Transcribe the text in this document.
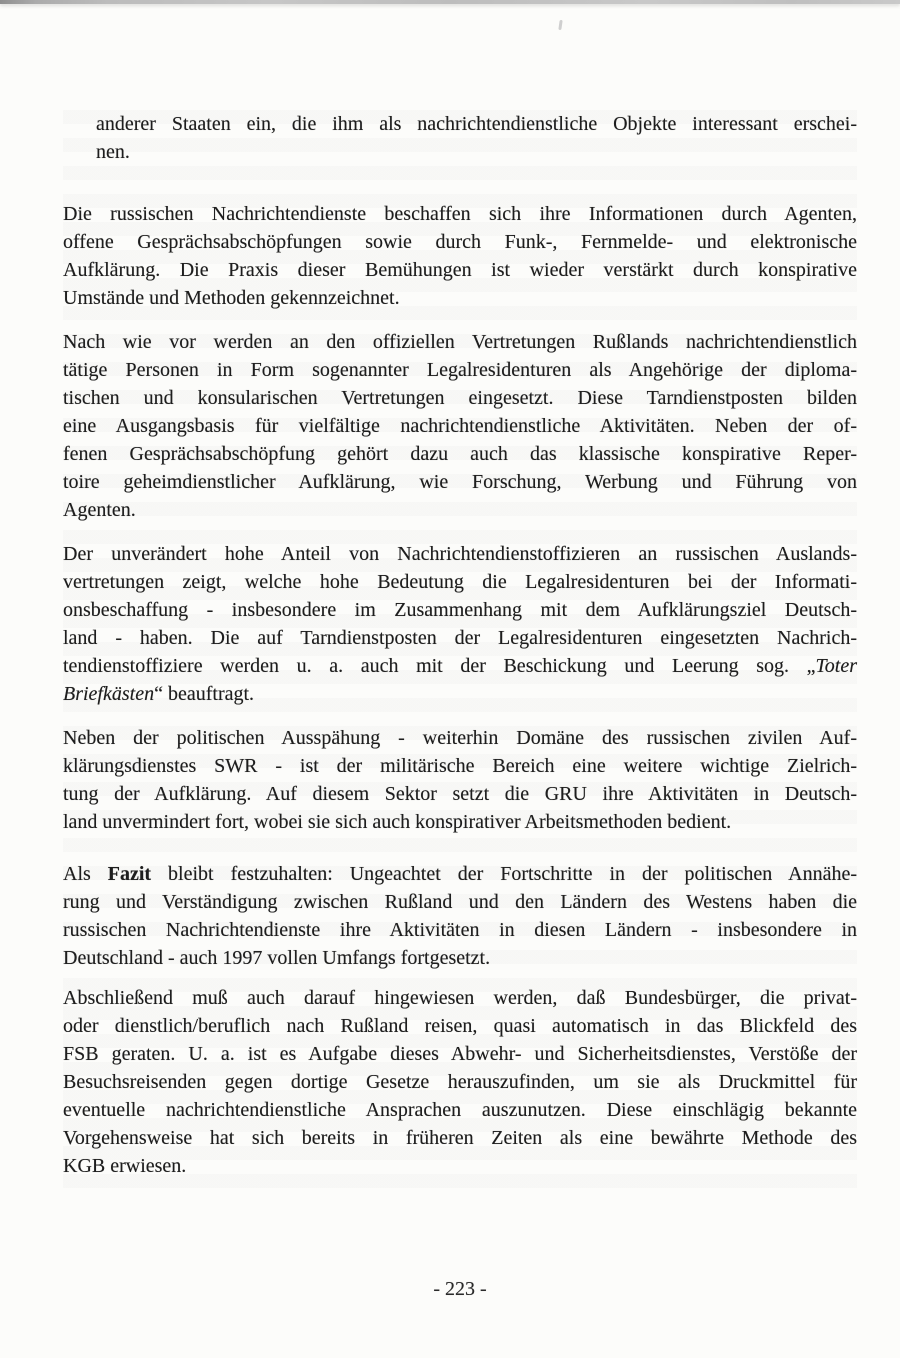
anderer Staaten ein, die ihm als nachrichtendienstliche Objekte interessant erschei-
nen.
Die russischen Nachrichtendienste beschaffen sich ihre Informationen durch Agenten,
offene Gesprächsabschöpfungen sowie durch Funk-, Fernmelde- und elektronische
Aufklärung. Die Praxis dieser Bemühungen ist wieder verstärkt durch konspirative
Umstände und Methoden gekennzeichnet.
Nach wie vor werden an den offiziellen Vertretungen Rußlands nachrichtendienstlich
tätige Personen in Form sogenannter Legalresidenturen als Angehörige der diploma-
tischen und konsularischen Vertretungen eingesetzt. Diese Tarndienstposten bilden
eine Ausgangsbasis für vielfältige nachrichtendienstliche Aktivitäten. Neben der of-
fenen Gesprächsabschöpfung gehört dazu auch das klassische konspirative Reper-
toire geheimdienstlicher Aufklärung, wie Forschung, Werbung und Führung von
Agenten.
Der unverändert hohe Anteil von Nachrichtendienstoffizieren an russischen Auslands-
vertretungen zeigt, welche hohe Bedeutung die Legalresidenturen bei der Informati-
onsbeschaffung - insbesondere im Zusammenhang mit dem Aufklärungsziel Deutsch-
land - haben. Die auf Tarndienstposten der Legalresidenturen eingesetzten Nachrich-
tendienstoffiziere werden u. a. auch mit der Beschickung und Leerung sog. „Toter
Briefkästen“ beauftragt.
Neben der politischen Ausspähung - weiterhin Domäne des russischen zivilen Auf-
klärungsdienstes SWR - ist der militärische Bereich eine weitere wichtige Zielrich-
tung der Aufklärung. Auf diesem Sektor setzt die GRU ihre Aktivitäten in Deutsch-
land unvermindert fort, wobei sie sich auch konspirativer Arbeitsmethoden bedient.
Als Fazit bleibt festzuhalten: Ungeachtet der Fortschritte in der politischen Annähe-
rung und Verständigung zwischen Rußland und den Ländern des Westens haben die
russischen Nachrichtendienste ihre Aktivitäten in diesen Ländern - insbesondere in
Deutschland - auch 1997 vollen Umfangs fortgesetzt.
Abschließend muß auch darauf hingewiesen werden, daß Bundesbürger, die privat-
oder dienstlich/beruflich nach Rußland reisen, quasi automatisch in das Blickfeld des
FSB geraten. U. a. ist es Aufgabe dieses Abwehr- und Sicherheitsdienstes, Verstöße der
Besuchsreisenden gegen dortige Gesetze herauszufinden, um sie als Druckmittel für
eventuelle nachrichtendienstliche Ansprachen auszunutzen. Diese einschlägig bekannte
Vorgehensweise hat sich bereits in früheren Zeiten als eine bewährte Methode des
KGB erwiesen.
- 223 -
